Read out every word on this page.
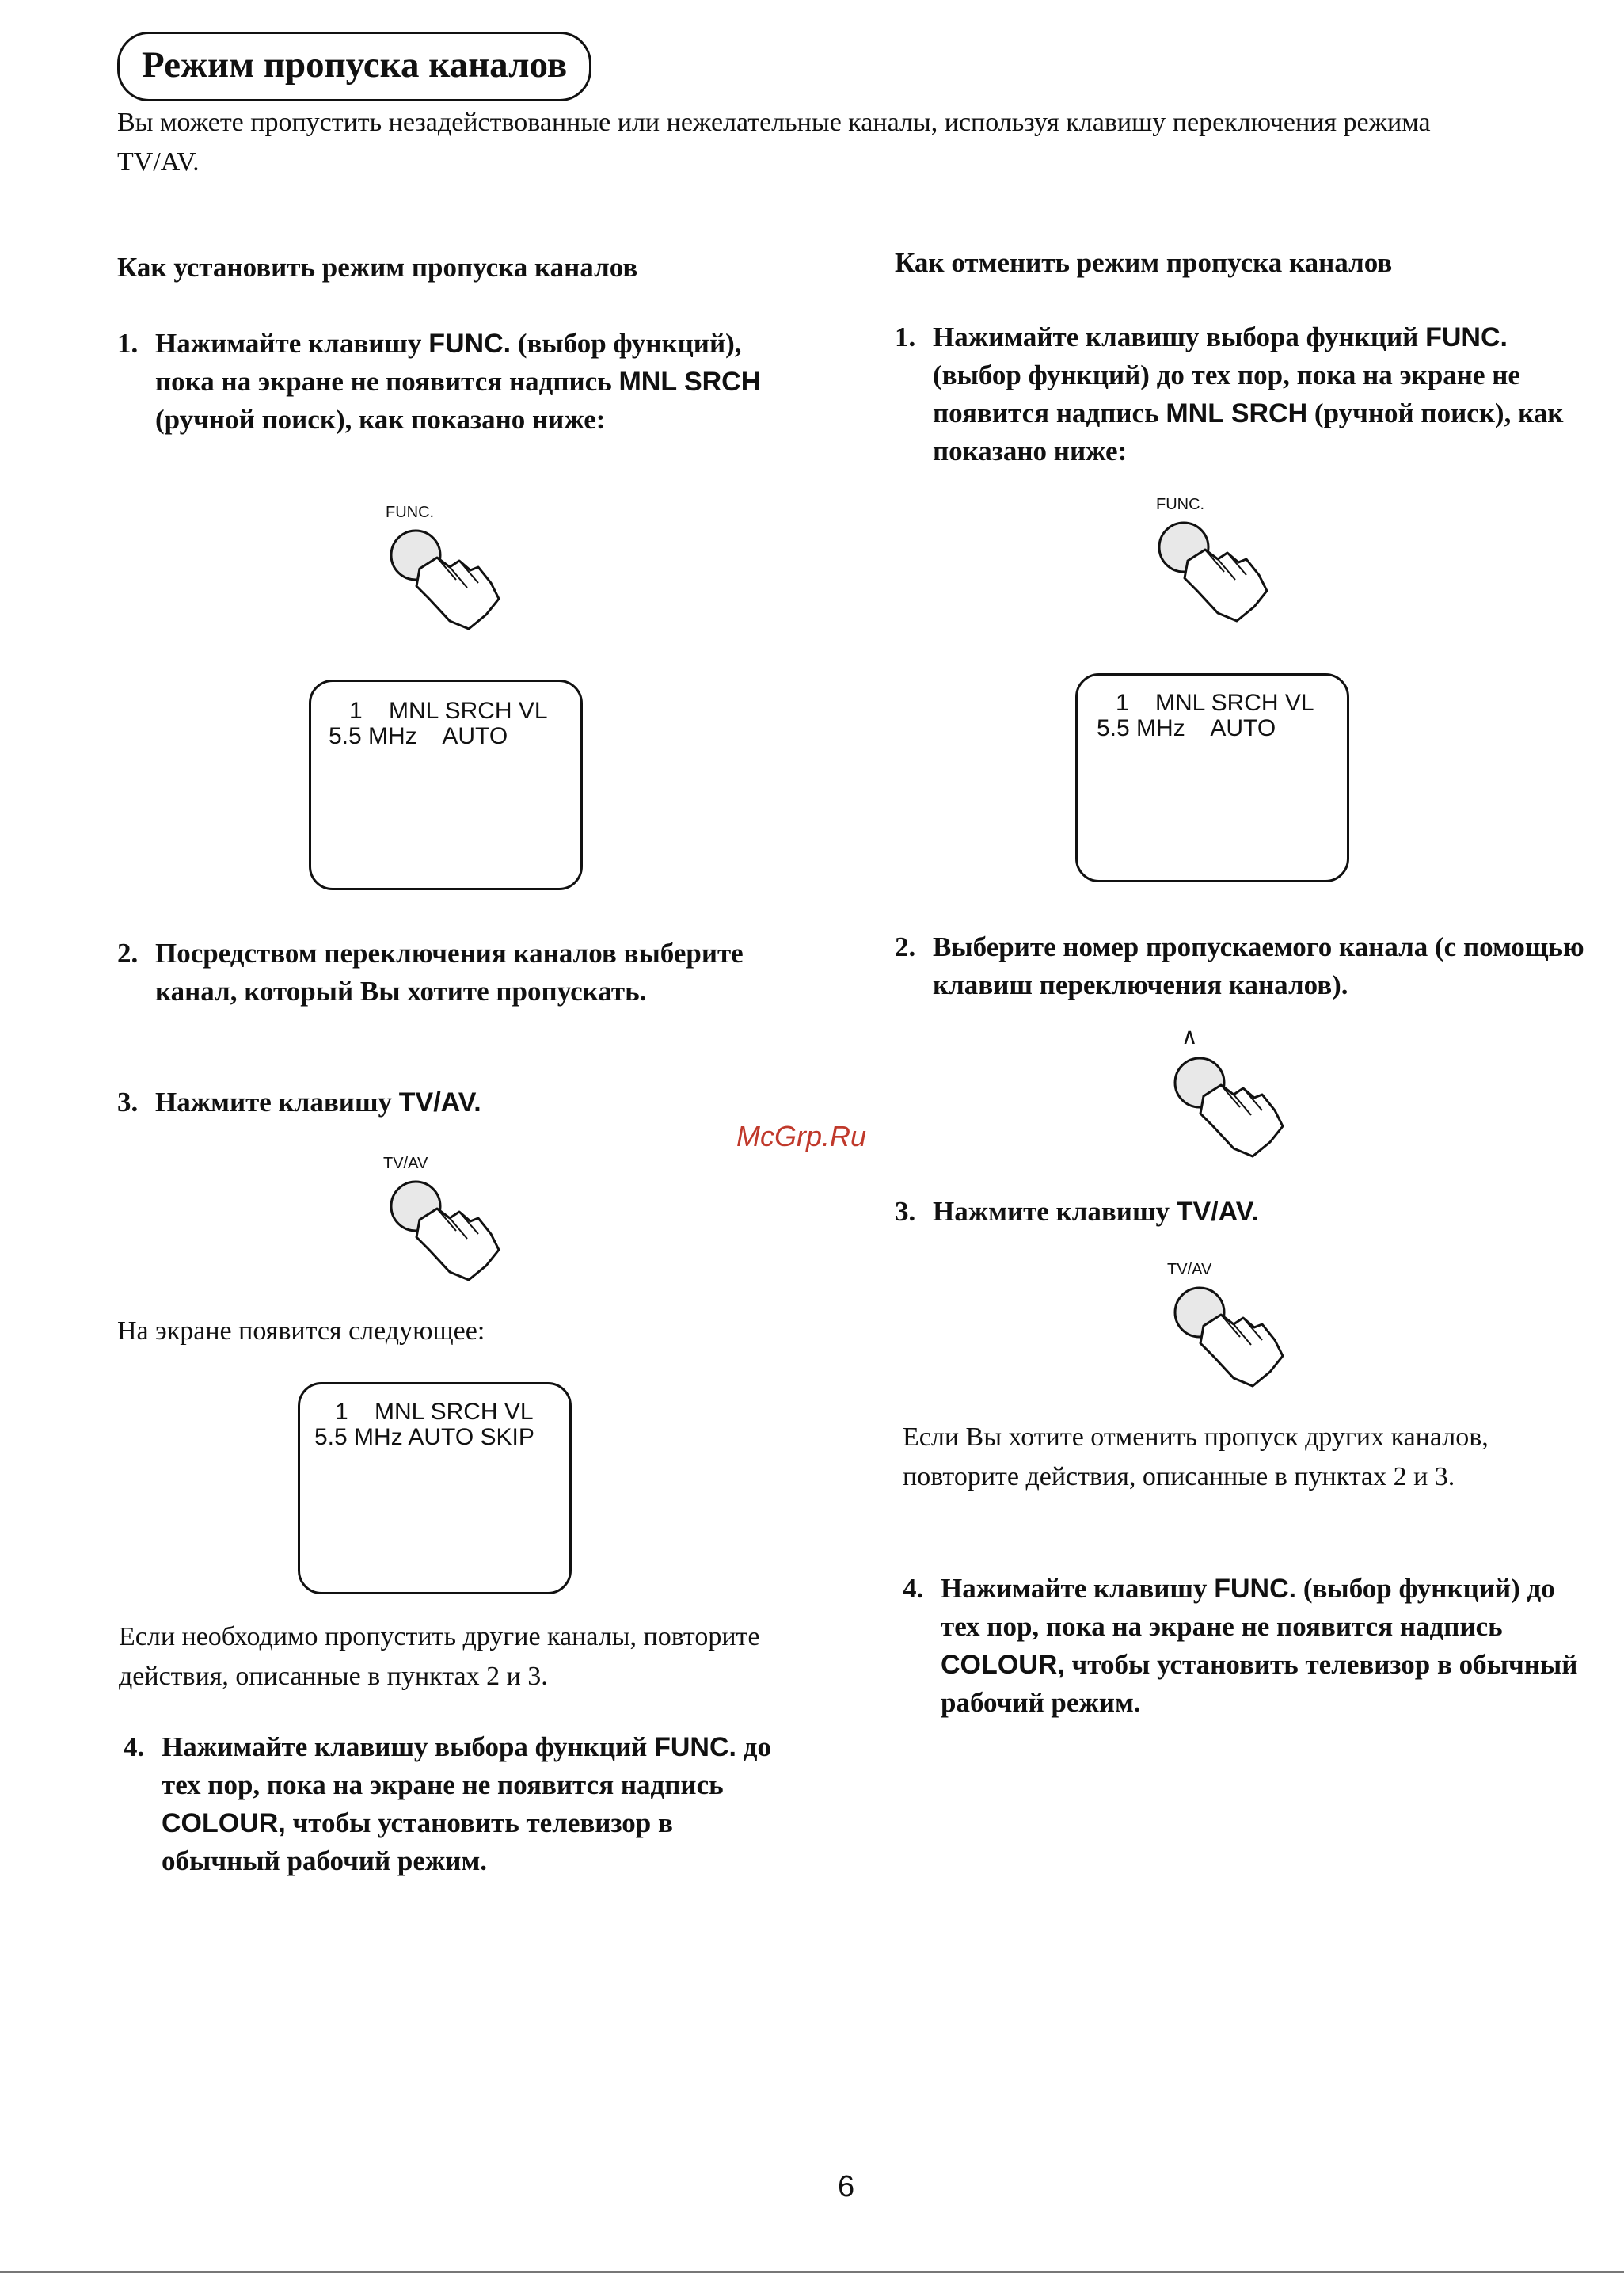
Режим пропуска каналов
Вы можете пропустить незадействованные или нежелательные каналы, используя клавишу переключения режима TV/AV.
Как установить режим пропуска каналов
1. Нажимайте клавишу FUNC. (выбор функций), пока на экране не появится надпись MNL SRCH (ручной поиск), как показано ниже:
FUNC.
1    MNL SRCH VL
5.5 MHz    AUTO
2. Посредством переключения каналов выберите канал, который Вы хотите пропускать.
3. Нажмите клавишу TV/AV.
TV/AV
На экране появится следующее:
1    MNL SRCH VL
5.5 MHz AUTO SKIP
Если необходимо пропустить другие каналы, повторите действия, описанные в пунктах 2 и 3.
4. Нажимайте клавишу выбора функций FUNC. до тех пор, пока на экране не появится надпись COLOUR, чтобы установить телевизор в обычный рабочий режим.
Как отменить режим пропуска каналов
1. Нажимайте клавишу выбора функций FUNC. (выбор функций) до тех пор, пока на экране не появится надпись MNL SRCH (ручной поиск), как показано ниже:
FUNC.
1    MNL SRCH VL
5.5 MHz    AUTO
2. Выберите номер пропускаемого канала (с помощью клавиш переключения каналов).
∧
3. Нажмите клавишу TV/AV.
TV/AV
Если Вы хотите отменить пропуск других каналов, повторите действия, описанные в пунктах 2 и 3.
4. Нажимайте клавишу FUNC. (выбор функций) до тех пор, пока на экране не появится надпись COLOUR, чтобы установить телевизор в обычный рабочий режим.
McGrp.Ru
6
